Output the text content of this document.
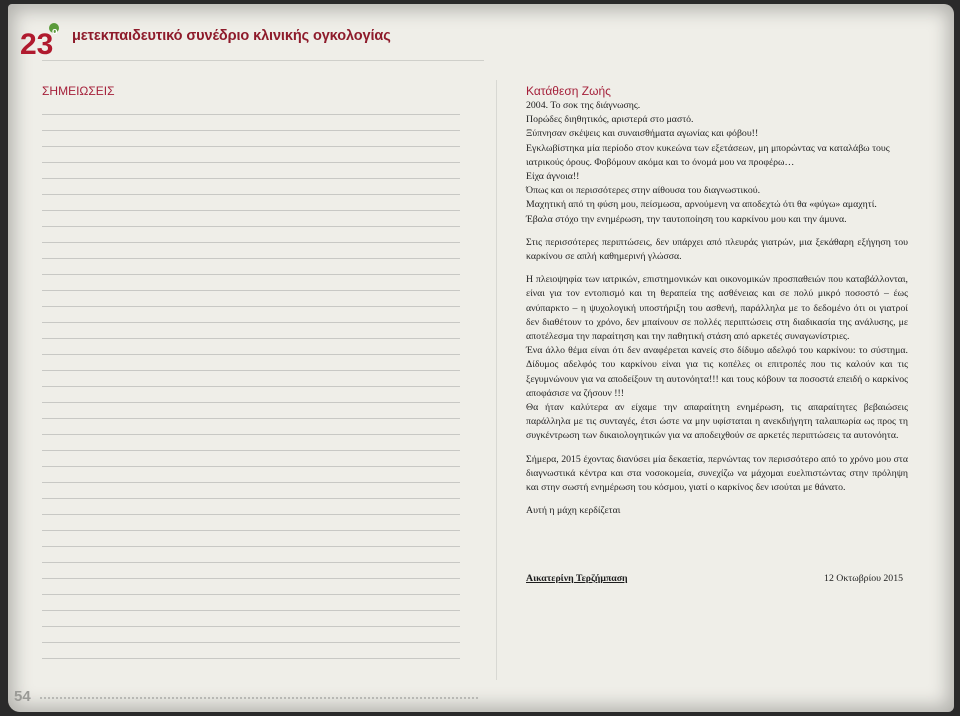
23
ο μετεκπαιδευτικό συνέδριο κλινικής ογκολογίας
ΣΗΜΕΙΩΣΕΙΣ	Κατάθεση Ζωής

2004. Το σοκ της διάγνωσης.

Πορώδες διηθητικός, αριστερά στο μαστό.

Ξύπνησαν σκέψεις και συναισθήματα αγωνίας και φόβου!!

Εγκλωβίστηκα μία περίοδο στον κυκεώνα των εξετάσεων, μη μπορώντας να καταλάβω τους ιατρικούς όρους. Φοβόμουν ακόμα και το όνομά μου να προφέρω…

Είχα άγνοια!!

Όπως και οι περισσότερες στην αίθουσα του διαγνωστικού.

Μαχητική από τη φύση μου, πείσμωσα, αρνούμενη να αποδεχτώ ότι θα «φύγω» αμαχητί.

Έβαλα στόχο την ενημέρωση, την ταυτοποίηση του καρκίνου μου και την άμυνα.

Στις περισσότερες περιπτώσεις, δεν υπάρχει από πλευράς γιατρών, μια ξεκάθαρη εξήγηση του καρκίνου σε απλή καθημερινή γλώσσα.

Η πλειοψηφία των ιατρικών, επιστημονικών και οικονομικών προσπαθειών που καταβάλλονται, είναι για τον εντοπισμό και τη θεραπεία της ασθένειας και σε πολύ μικρό ποσοστό – έως ανύπαρκτο – η ψυχολογική υποστήριξη του ασθενή, παράλληλα με το δεδομένο ότι οι γιατροί δεν διαθέτουν το χρόνο, δεν μπαίνουν σε πολλές περιπτώσεις στη διαδικασία της ανάλυσης, με αποτέλεσμα την παραίτηση και την παθητική στάση από αρκετές συναγωνίστριες.

Ένα άλλο θέμα είναι ότι δεν αναφέρεται κανείς στο δίδυμο αδελφό του καρκίνου: το σύστημα. Δίδυμος αδελφός του καρκίνου είναι για τις κοπέλες οι επιτροπές που τις καλούν και τις ξεγυμνώνουν για να αποδείξουν τη αυτονόητα!!! και τους κόβουν τα ποσοστά επειδή ο καρκίνος αποφάσισε να ζήσουν !!!

Θα ήταν καλύτερα αν είχαμε την απαραίτητη ενημέρωση, τις απαραίτητες βεβαιώσεις παράλληλα με τις συνταγές, έτσι ώστε να μην υφίσταται η ανεκδιήγητη ταλαιπωρία ως προς τη συγκέντρωση των δικαιολογητικών για να αποδειχθούν σε αρκετές περιπτώσεις τα αυτονόητα.

Σήμερα, 2015 έχοντας διανύσει μία δεκαετία, περνώντας τον περισσότερο από το χρόνο μου στα διαγνωστικά κέντρα και στα νοσοκομεία, συνεχίζω να μάχομαι ευελπιστώντας στην πρόληψη και στην σωστή ενημέρωση του κόσμου, γιατί ο καρκίνος δεν ισούται με θάνατο.

Αυτή η μάχη κερδίζεται

Αικατερίνη Τερζήμπαση	12 Οκτωβρίου 2015
54
